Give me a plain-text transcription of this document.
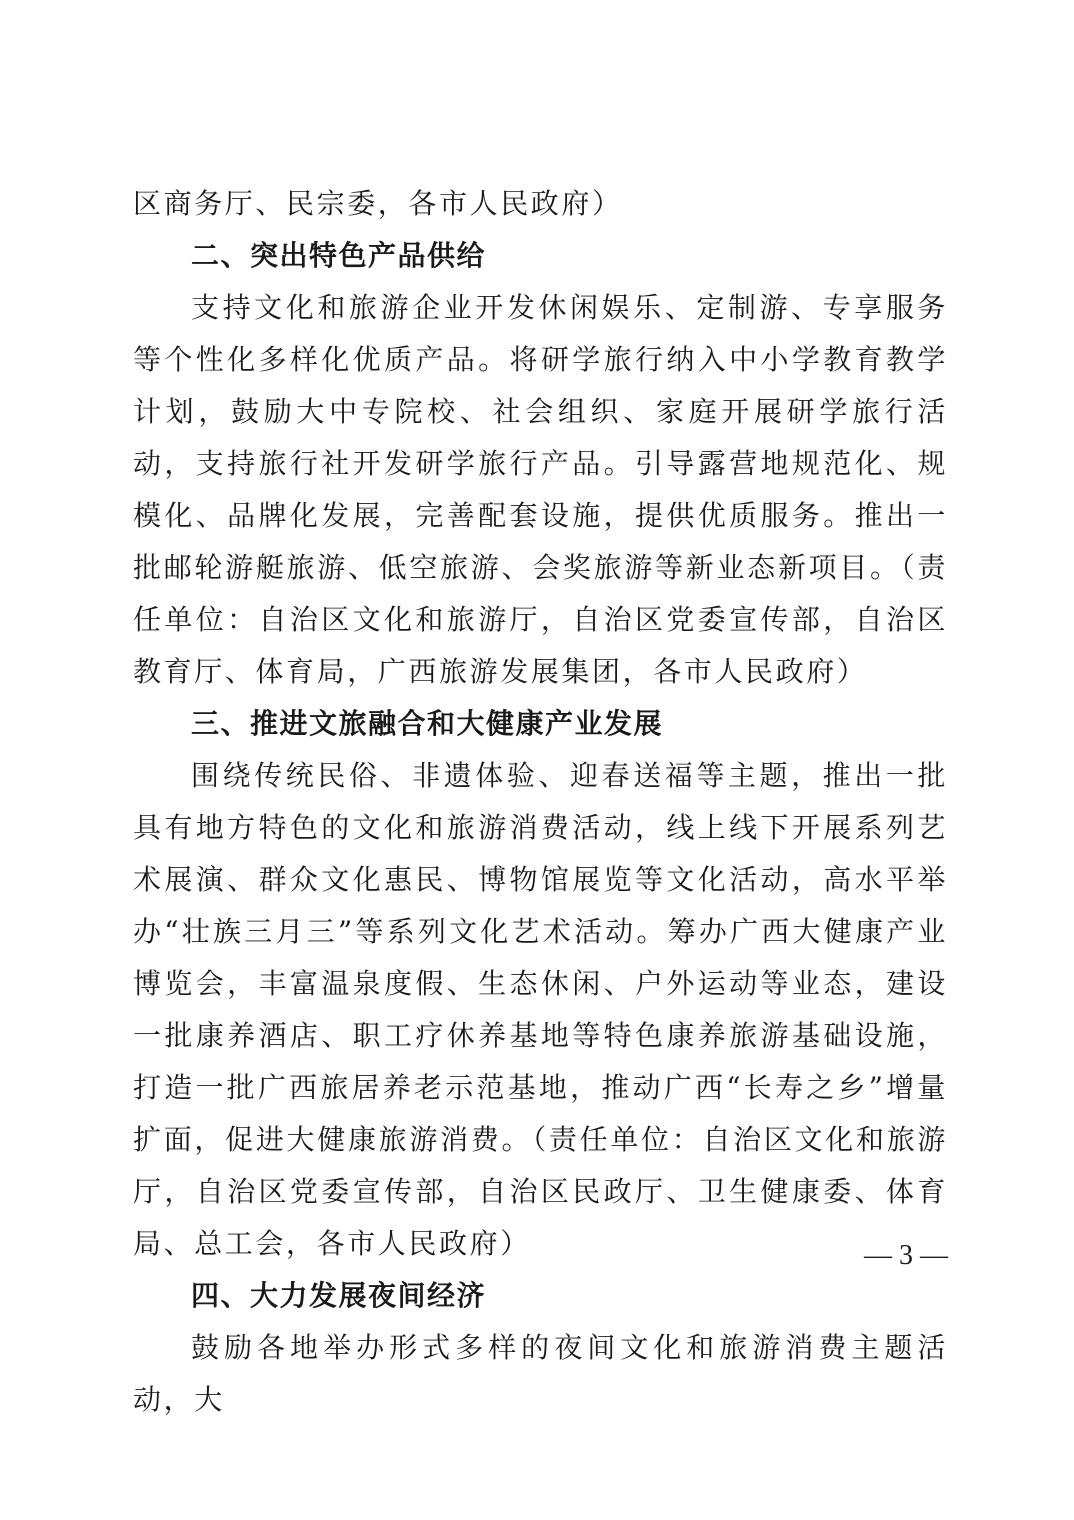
区商务厅、民宗委，各市人民政府）

二、突出特色产品供给

支持文化和旅游企业开发休闲娱乐、定制游、专享服务等个性化多样化优质产品。将研学旅行纳入中小学教育教学计划，鼓励大中专院校、社会组织、家庭开展研学旅行活动，支持旅行社开发研学旅行产品。引导露营地规范化、规模化、品牌化发展，完善配套设施，提供优质服务。推出一批邮轮游艇旅游、低空旅游、会奖旅游等新业态新项目。（责任单位：自治区文化和旅游厅，自治区党委宣传部，自治区教育厅、体育局，广西旅游发展集团，各市人民政府）

三、推进文旅融合和大健康产业发展

围绕传统民俗、非遗体验、迎春送福等主题，推出一批具有地方特色的文化和旅游消费活动，线上线下开展系列艺术展演、群众文化惠民、博物馆展览等文化活动，高水平举办“壮族三月三”等系列文化艺术活动。筹办广西大健康产业博览会，丰富温泉度假、生态休闲、户外运动等业态，建设一批康养酒店、职工疗休养基地等特色康养旅游基础设施，打造一批广西旅居养老示范基地，推动广西“长寿之乡”增量扩面，促进大健康旅游消费。（责任单位：自治区文化和旅游厅，自治区党委宣传部，自治区民政厅、卫生健康委、体育局、总工会，各市人民政府）

四、大力发展夜间经济

鼓励各地举办形式多样的夜间文化和旅游消费主题活动，大

— 3 —
